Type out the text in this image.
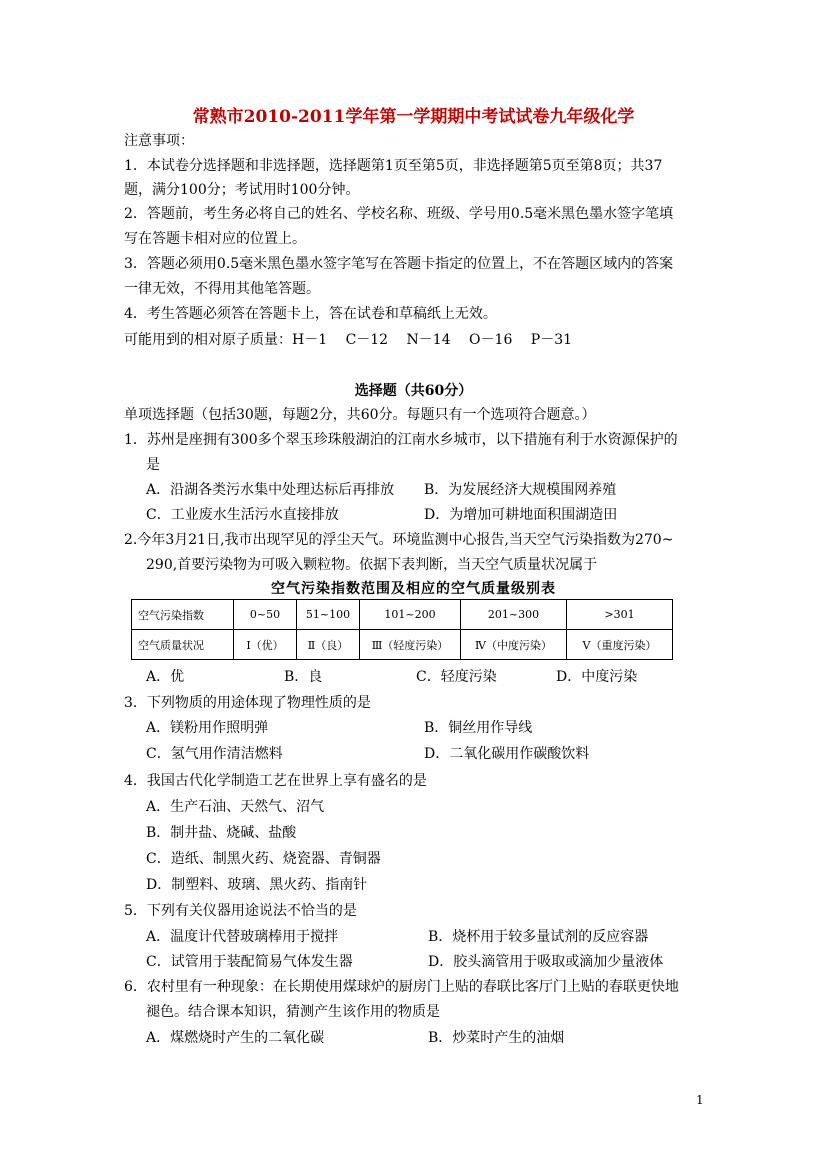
常熟市2010-2011学年第一学期期中考试试卷九年级化学
注意事项：
1．本试卷分选择题和非选择题，选择题第1页至第5页，非选择题第5页至第8页；共37
题，满分100分；考试用时100分钟。
2．答题前，考生务必将自己的姓名、学校名称、班级、学号用0.5毫米黑色墨水签字笔填
写在答题卡相对应的位置上。
3．答题必须用0.5毫米黑色墨水签字笔写在答题卡指定的位置上，不在答题区域内的答案
一律无效，不得用其他笔答题。
4．考生答题必须答在答题卡上，答在试卷和草稿纸上无效。
可能用到的相对原子质量：H－1　 C－12　 N－14　 O－16　 P－31
选择题（共60分）
单项选择题（包括30题，每题2分，共60分。每题只有一个选项符合题意。）
1．苏州是座拥有300多个翠玉珍珠般湖泊的江南水乡城市，以下措施有利于水资源保护的
是
A．沿湖各类污水集中处理达标后再排放 B．为发展经济大规模围网养殖
C．工业废水生活污水直接排放	D．为增加可耕地面积围湖造田
2.今年3月21日,我市出现罕见的浮尘天气。环境监测中心报告,当天空气污染指数为270~
290,首要污染物为可吸入颗粒物。依据下表判断，当天空气质量状况属于
空气污染指数范围及相应的空气质量级别表
空气污染指数	0~50	51~100	101~200	201~300	>301
空气质量状况	Ⅰ（优）	Ⅱ（良）	Ⅲ（轻度污染）	Ⅳ（中度污染）	Ⅴ（重度污染）
A．优	B．良	C．轻度污染	D．中度污染
3．下列物质的用途体现了物理性质的是
A．镁粉用作照明弹	B．铜丝用作导线
C．氢气用作清洁燃料	D．二氧化碳用作碳酸饮料
4．我国古代化学制造工艺在世界上享有盛名的是
A．生产石油、天然气、沼气
B．制井盐、烧碱、盐酸
C．造纸、制黑火药、烧瓷器、青铜器
D．制塑料、玻璃、黑火药、指南针
5．下列有关仪器用途说法不恰当的是
A．温度计代替玻璃棒用于搅拌	B．烧杯用于较多量试剂的反应容器
C．试管用于装配简易气体发生器	D．胶头滴管用于吸取或滴加少量液体
6．农村里有一种现象：在长期使用煤球炉的厨房门上贴的春联比客厅门上贴的春联更快地
褪色。结合课本知识，猜测产生该作用的物质是
A．煤燃烧时产生的二氧化碳	B．炒菜时产生的油烟
1
